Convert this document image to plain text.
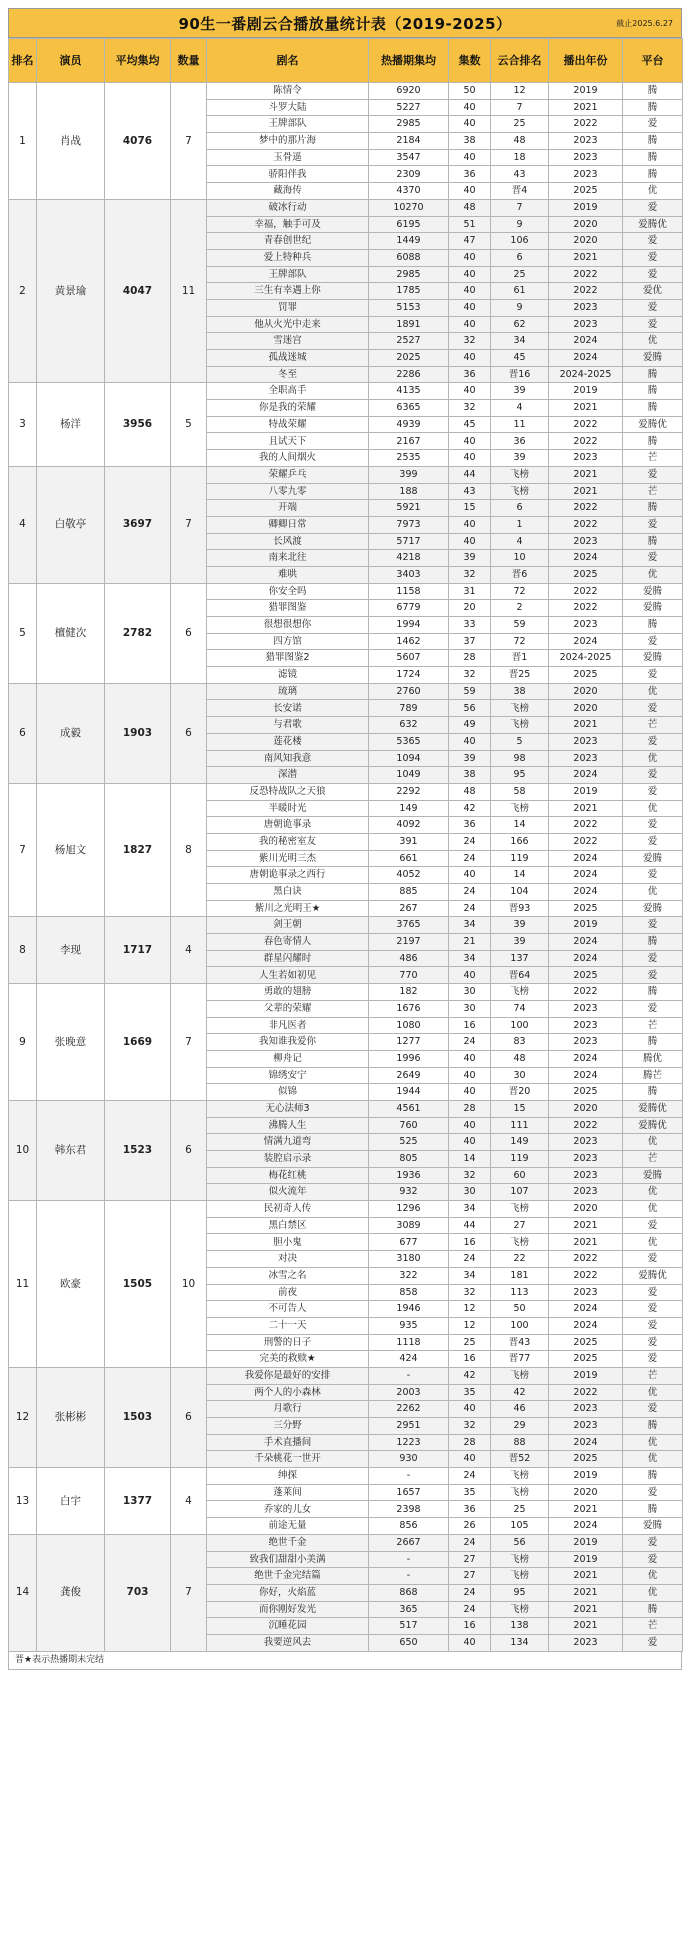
90生一番剧云合播放量统计表（2019-2025）	截止2025.6.27
排名	演员	平均集均	数量	剧名	热播期集均	集数	云合排名	播出年份	平台
1	肖战	4076	7	陈情令	6920	50	12	2019	腾
				斗罗大陆	5227	40	7	2021	腾
				王牌部队	2985	40	25	2022	爱
				梦中的那片海	2184	38	48	2023	腾
				玉骨遥	3547	40	18	2023	腾
				骄阳伴我	2309	36	43	2023	腾
				藏海传	4370	40	晋4	2025	优
2	黄景瑜	4047	11	破冰行动	10270	48	7	2019	爱
				幸福，触手可及	6195	51	9	2020	爱腾优
				青春创世纪	1449	47	106	2020	爱
				爱上特种兵	6088	40	6	2021	爱
				王牌部队	2985	40	25	2022	爱
				三生有幸遇上你	1785	40	61	2022	爱优
				罚罪	5153	40	9	2023	爱
				他从火光中走来	1891	40	62	2023	爱
				雪迷宫	2527	32	34	2024	优
				孤战迷城	2025	40	45	2024	爱腾
				冬至	2286	36	晋16	2024-2025	腾
3	杨洋	3956	5	全职高手	4135	40	39	2019	腾
				你是我的荣耀	6365	32	4	2021	腾
				特战荣耀	4939	45	11	2022	爱腾优
				且试天下	2167	40	36	2022	腾
				我的人间烟火	2535	40	39	2023	芒
4	白敬亭	3697	7	荣耀乒乓	399	44	飞榜	2021	爱
				八零九零	188	43	飞榜	2021	芒
				开端	5921	15	6	2022	腾
				卿卿日常	7973	40	1	2022	爱
				长风渡	5717	40	4	2023	腾
				南来北往	4218	39	10	2024	爱
				难哄	3403	32	晋6	2025	优
5	檀健次	2782	6	你安全吗	1158	31	72	2022	爱腾
				猎罪图鉴	6779	20	2	2022	爱腾
				很想很想你	1994	33	59	2023	腾
				四方馆	1462	37	72	2024	爱
				猎罪图鉴2	5607	28	晋1	2024-2025	爱腾
				滤镜	1724	32	晋25	2025	爱
6	成毅	1903	6	琉璃	2760	59	38	2020	优
				长安诺	789	56	飞榜	2020	爱
				与君歌	632	49	飞榜	2021	芒
				莲花楼	5365	40	5	2023	爱
				南风知我意	1094	39	98	2023	优
				深潜	1049	38	95	2024	爱
7	杨旭文	1827	8	反恐特战队之天狼	2292	48	58	2019	爱
				半暖时光	149	42	飞榜	2021	优
				唐朝诡事录	4092	36	14	2022	爱
				我的秘密室友	391	24	166	2022	爱
				紫川光明三杰	661	24	119	2024	爱腾
				唐朝诡事录之西行	4052	40	14	2024	爱
				黑白诀	885	24	104	2024	优
				紫川之光明王★	267	24	晋93	2025	爱腾
8	李现	1717	4	剑王朝	3765	34	39	2019	爱
				春色寄情人	2197	21	39	2024	腾
				群星闪耀时	486	34	137	2024	爱
				人生若如初见	770	40	晋64	2025	爱
9	张晚意	1669	7	勇敢的翅膀	182	30	飞榜	2022	腾
				父辈的荣耀	1676	30	74	2023	爱
				非凡医者	1080	16	100	2023	芒
				我知谁我爱你	1277	24	83	2023	腾
				柳舟记	1996	40	48	2024	腾优
				锦绣安宁	2649	40	30	2024	腾芒
				似锦	1944	40	晋20	2025	腾
10	韩东君	1523	6	无心法师3	4561	28	15	2020	爱腾优
				沸腾人生	760	40	111	2022	爱腾优
				情满九道弯	525	40	149	2023	优
				装腔启示录	805	14	119	2023	芒
				梅花红桃	1936	32	60	2023	爱腾
				似火流年	932	30	107	2023	优
11	欧豪	1505	10	民初奇人传	1296	34	飞榜	2020	优
				黑白禁区	3089	44	27	2021	爱
				胆小鬼	677	16	飞榜	2021	优
				对决	3180	24	22	2022	爱
				冰雪之名	322	34	181	2022	爱腾优
				前夜	858	32	113	2023	爱
				不可告人	1946	12	50	2024	爱
				二十一天	935	12	100	2024	爱
				刑警的日子	1118	25	晋43	2025	爱
				完美的救赎★	424	16	晋77	2025	爱
12	张彬彬	1503	6	我爱你是最好的安排	-	42	飞榜	2019	芒
				两个人的小森林	2003	35	42	2022	优
				月歌行	2262	40	46	2023	爱
				三分野	2951	32	29	2023	腾
				手术直播间	1223	28	88	2024	优
				千朵桃花一世开	930	40	晋52	2025	优
13	白宇	1377	4	绅探	-	24	飞榜	2019	腾
				蓬莱间	1657	35	飞榜	2020	爱
				乔家的儿女	2398	36	25	2021	腾
				前途无量	856	26	105	2024	爱腾
14	龚俊	703	7	绝世千金	2667	24	56	2019	爱
				致我们甜甜小美满	-	27	飞榜	2019	爱
				绝世千金完结篇	-	27	飞榜	2021	优
				你好，火焰蓝	868	24	95	2021	优
				而你刚好发光	365	24	飞榜	2021	腾
				沉睡花园	517	16	138	2021	芒
				我要逆风去	650	40	134	2023	爱
晋★表示热播期未完结
